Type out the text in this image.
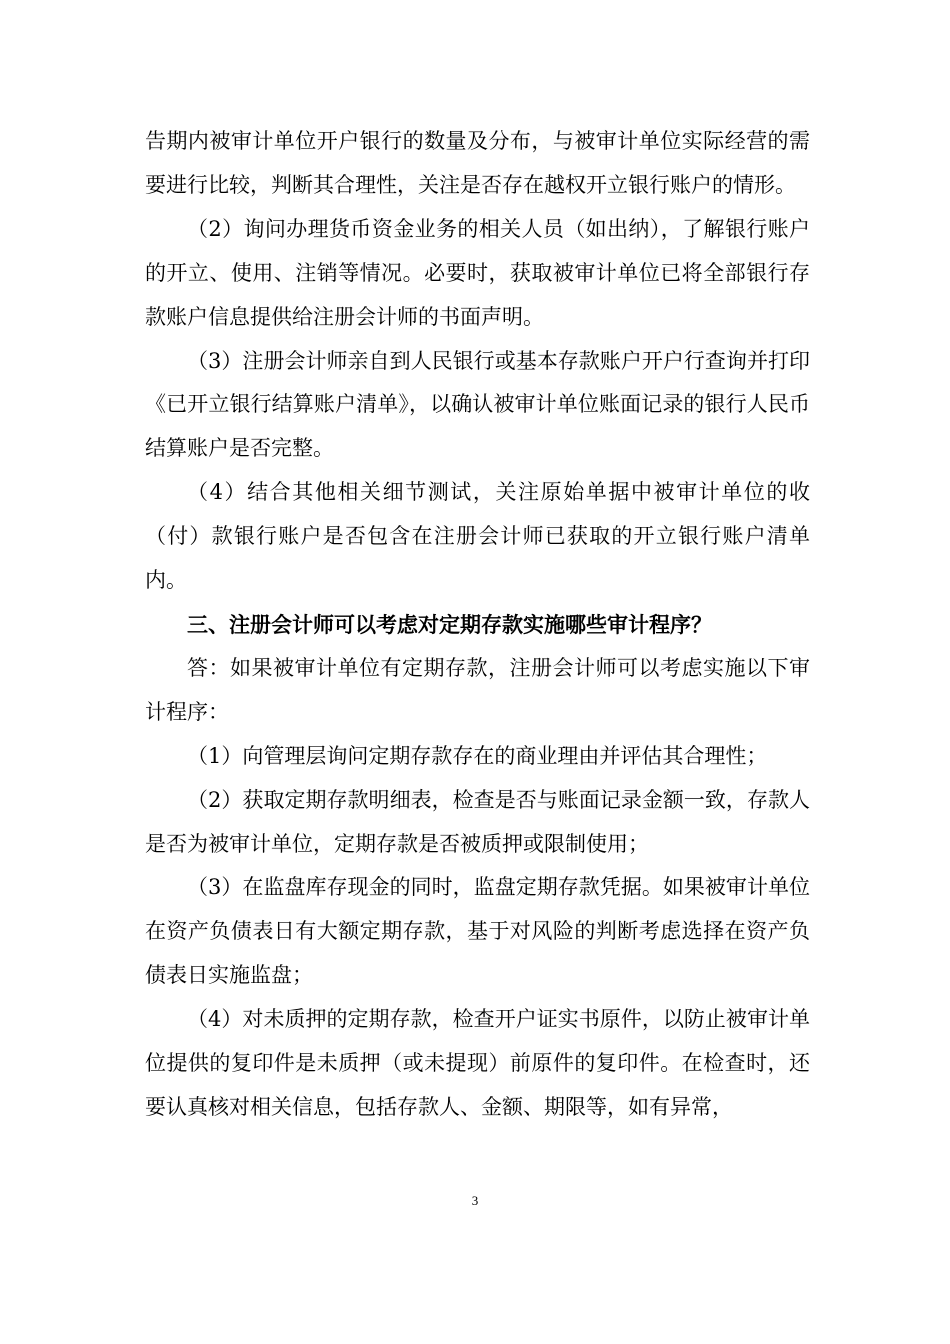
告期内被审计单位开户银行的数量及分布，与被审计单位实际经营的需要进行比较，判断其合理性，关注是否存在越权开立银行账户的情形。

（2）询问办理货币资金业务的相关人员（如出纳），了解银行账户的开立、使用、注销等情况。必要时，获取被审计单位已将全部银行存款账户信息提供给注册会计师的书面声明。

（3）注册会计师亲自到人民银行或基本存款账户开户行查询并打印《已开立银行结算账户清单》，以确认被审计单位账面记录的银行人民币结算账户是否完整。

（4）结合其他相关细节测试，关注原始单据中被审计单位的收（付）款银行账户是否包含在注册会计师已获取的开立银行账户清单内。

三、注册会计师可以考虑对定期存款实施哪些审计程序？

答：如果被审计单位有定期存款，注册会计师可以考虑实施以下审计程序：

（1）向管理层询问定期存款存在的商业理由并评估其合理性；

（2）获取定期存款明细表，检查是否与账面记录金额一致，存款人是否为被审计单位，定期存款是否被质押或限制使用；

（3）在监盘库存现金的同时，监盘定期存款凭据。如果被审计单位在资产负债表日有大额定期存款，基于对风险的判断考虑选择在资产负债表日实施监盘；

（4）对未质押的定期存款，检查开户证实书原件，以防止被审计单位提供的复印件是未质押（或未提现）前原件的复印件。在检查时，还要认真核对相关信息，包括存款人、金额、期限等，如有异常，

3
